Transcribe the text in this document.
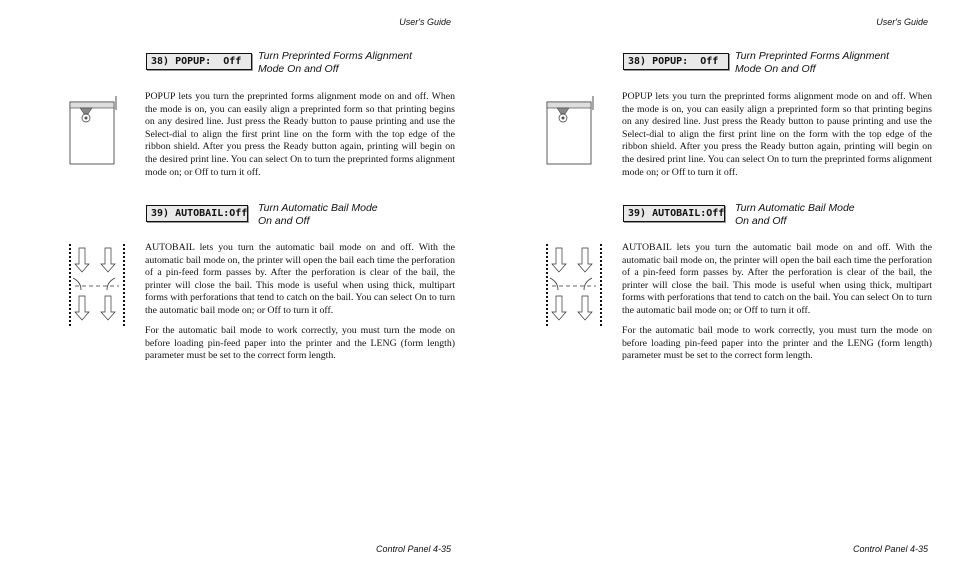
User's Guide
38) POPUP:  Off	Turn Preprinted Forms Alignment
Mode On and Off

POPUP lets you turn the preprinted forms alignment mode on and off. When the mode is on, you can easily align a preprinted form so that printing begins on any desired line. Just press the Ready button to pause printing and use the Select-dial to align the first print line on the form with the top edge of the ribbon shield. After you press the Ready button again, printing will begin on the desired print line. You can select On to turn the preprinted forms alignment mode on; or Off to turn it off.

39) AUTOBAIL:Off Turn Automatic Bail Mode
On and Off

AUTOBAIL lets you turn the automatic bail mode on and off. With the automatic bail mode on, the printer will open the bail each time the perforation of a pin-feed form passes by. After the perforation is clear of the bail, the printer will close the bail. This mode is useful when using thick, multipart forms with perforations that tend to catch on the bail. You can select On to turn the automatic bail mode on; or Off to turn it off.

For the automatic bail mode to work correctly, you must turn the mode on before loading pin-feed paper into the printer and the LENG (form length) parameter must be set to the correct form length.

Control Panel 4-35
User's Guide
38) POPUP:  Off	Turn Preprinted Forms Alignment
Mode On and Off

POPUP lets you turn the preprinted forms alignment mode on and off. When the mode is on, you can easily align a preprinted form so that printing begins on any desired line. Just press the Ready button to pause printing and use the Select-dial to align the first print line on the form with the top edge of the ribbon shield. After you press the Ready button again, printing will begin on the desired print line. You can select On to turn the preprinted forms alignment mode on; or Off to turn it off.

39) AUTOBAIL:Off Turn Automatic Bail Mode
On and Off

AUTOBAIL lets you turn the automatic bail mode on and off. With the automatic bail mode on, the printer will open the bail each time the perforation of a pin-feed form passes by. After the perforation is clear of the bail, the printer will close the bail. This mode is useful when using thick, multipart forms with perforations that tend to catch on the bail. You can select On to turn the automatic bail mode on; or Off to turn it off.

For the automatic bail mode to work correctly, you must turn the mode on before loading pin-feed paper into the printer and the LENG (form length) parameter must be set to the correct form length.

Control Panel 4-35
